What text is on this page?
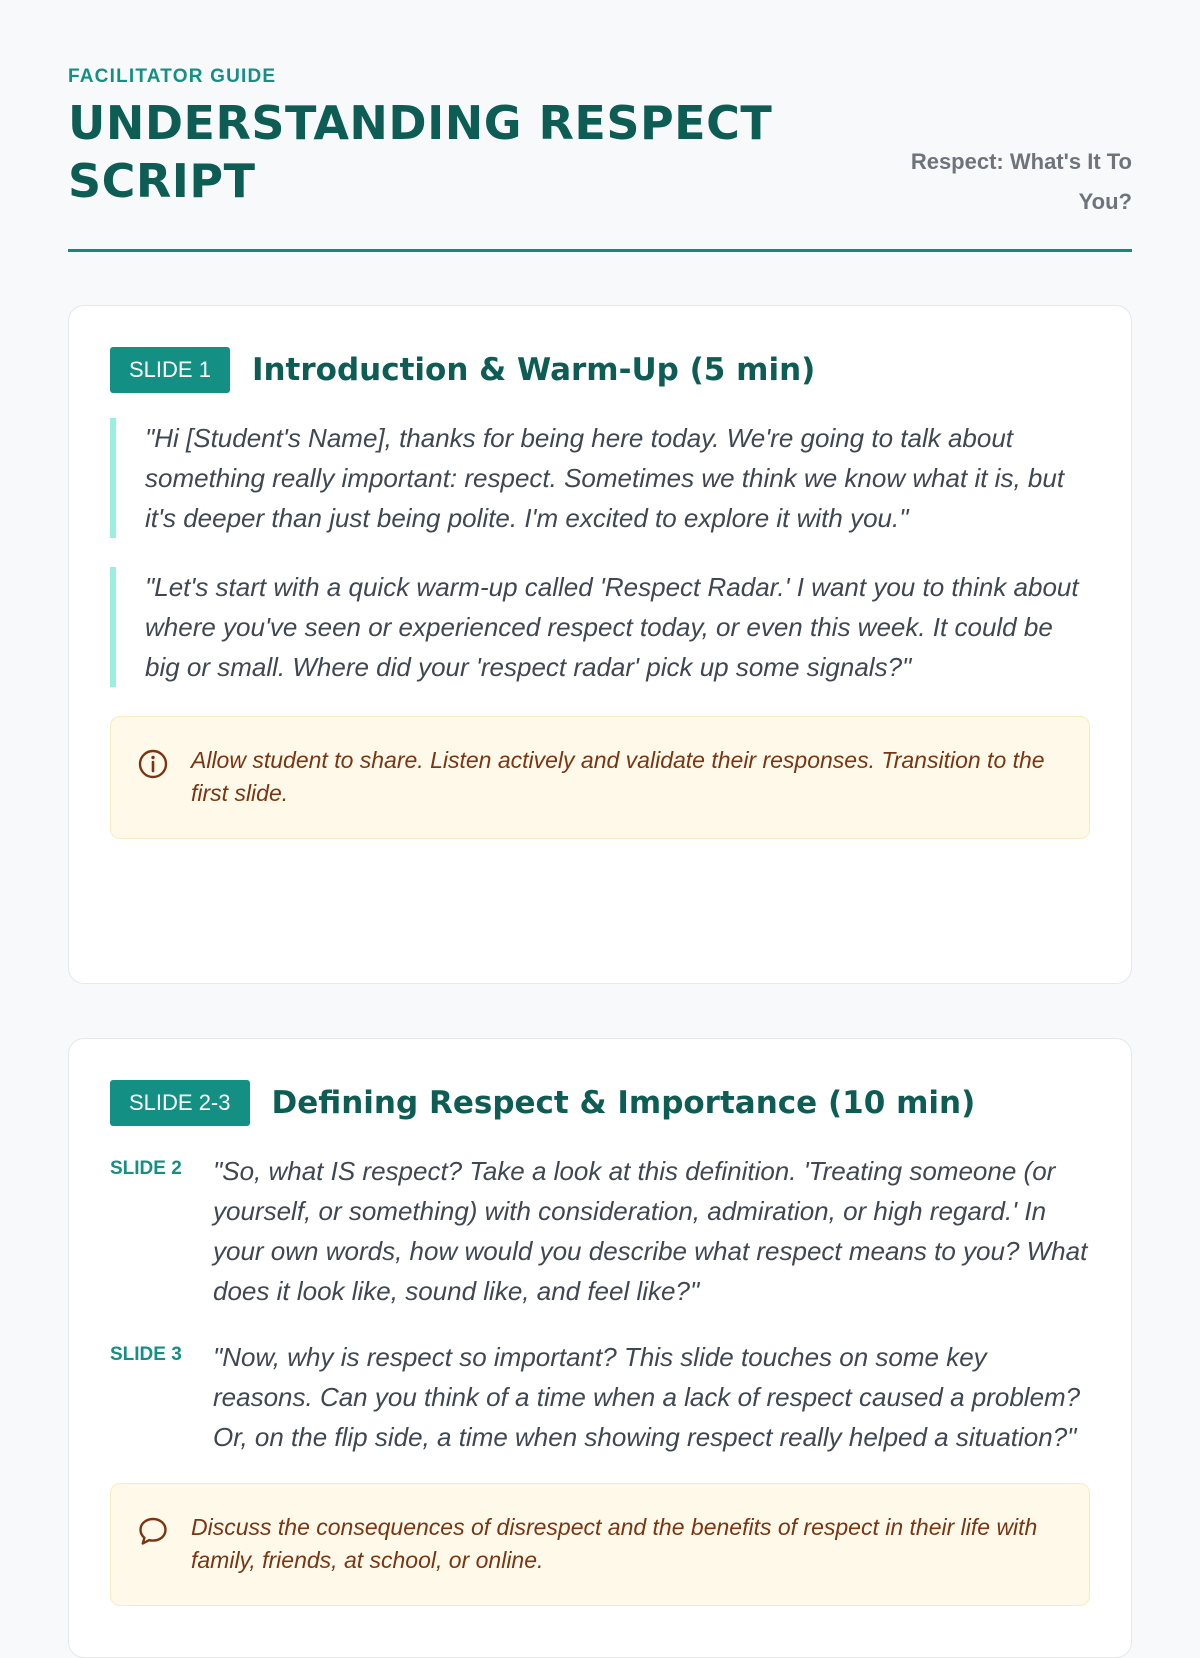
FACILITATOR GUIDE
UNDERSTANDING RESPECT SCRIPT	Respect: What's It To You?
SLIDE 1	Introduction & Warm-Up (5 min)
"Hi [Student's Name], thanks for being here today. We're going to talk about something really important: respect. Sometimes we think we know what it is, but it's deeper than just being polite. I'm excited to explore it with you."
"Let's start with a quick warm-up called 'Respect Radar.' I want you to think about where you've seen or experienced respect today, or even this week. It could be big or small. Where did your 'respect radar' pick up some signals?"
Allow student to share. Listen actively and validate their responses. Transition to the first slide.
SLIDE 2-3	Defining Respect & Importance (10 min)
SLIDE 2	"So, what IS respect? Take a look at this definition. 'Treating someone (or yourself, or something) with consideration, admiration, or high regard.' In your own words, how would you describe what respect means to you? What does it look like, sound like, and feel like?"
SLIDE 3	"Now, why is respect so important? This slide touches on some key reasons. Can you think of a time when a lack of respect caused a problem? Or, on the flip side, a time when showing respect really helped a situation?"
Discuss the consequences of disrespect and the benefits of respect in their life with family, friends, at school, or online.
